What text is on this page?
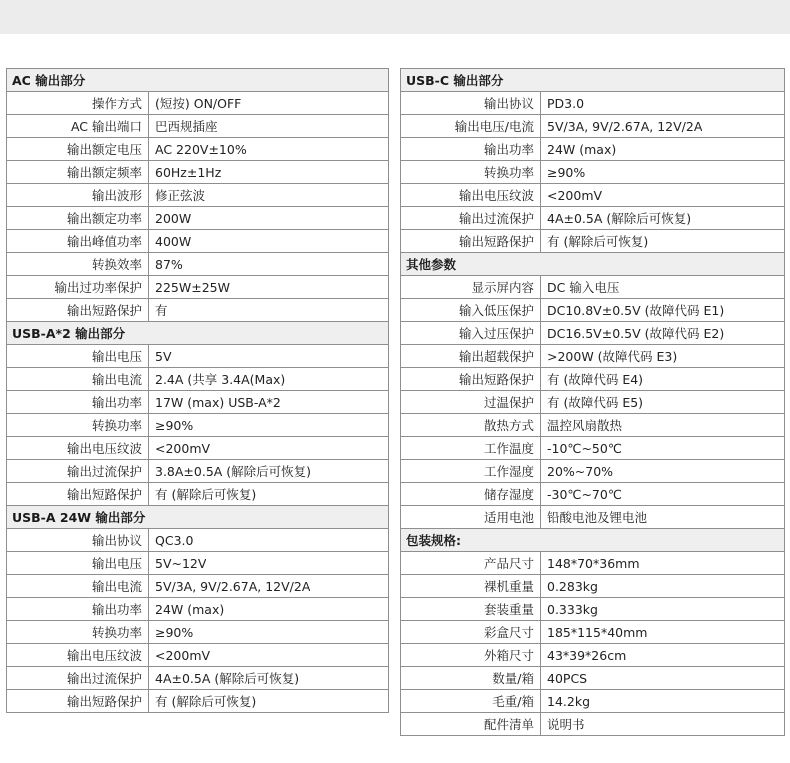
AC 输出部分
操作方式	(短按) ON/OFF
AC 输出端口	巴西规插座
输出额定电压	AC 220V±10%
输出额定频率	60Hz±1Hz
输出波形	修正弦波
输出额定功率	200W
输出峰值功率	400W
转换效率	87%
输出过功率保护	225W±25W
输出短路保护	有
USB-A*2 输出部分
输出电压	5V
输出电流	2.4A (共享 3.4A(Max)
输出功率	17W (max) USB-A*2
转换功率	≥90%
输出电压纹波	<200mV
输出过流保护	3.8A±0.5A (解除后可恢复)
输出短路保护	有 (解除后可恢复)
USB-A 24W 输出部分
输出协议	QC3.0
输出电压	5V~12V
输出电流	5V/3A, 9V/2.67A, 12V/2A
输出功率	24W (max)
转换功率	≥90%
输出电压纹波	<200mV
输出过流保护	4A±0.5A (解除后可恢复)
输出短路保护	有 (解除后可恢复)
USB-C 输出部分
输出协议	PD3.0
输出电压/电流	5V/3A, 9V/2.67A, 12V/2A
输出功率	24W (max)
转换功率	≥90%
输出电压纹波	<200mV
输出过流保护	4A±0.5A (解除后可恢复)
输出短路保护	有 (解除后可恢复)
其他参数
显示屏内容	DC 输入电压
输入低压保护	DC10.8V±0.5V (故障代码 E1)
输入过压保护	DC16.5V±0.5V (故障代码 E2)
输出超载保护	>200W (故障代码 E3)
输出短路保护	有 (故障代码 E4)
过温保护	有 (故障代码 E5)
散热方式	温控风扇散热
工作温度	-10℃~50℃
工作湿度	20%~70%
储存湿度	-30℃~70℃
适用电池	铅酸电池及锂电池
包装规格:
产品尺寸	148*70*36mm
裸机重量	0.283kg
套装重量	0.333kg
彩盒尺寸	185*115*40mm
外箱尺寸	43*39*26cm
数量/箱	40PCS
毛重/箱	14.2kg
配件清单	说明书
